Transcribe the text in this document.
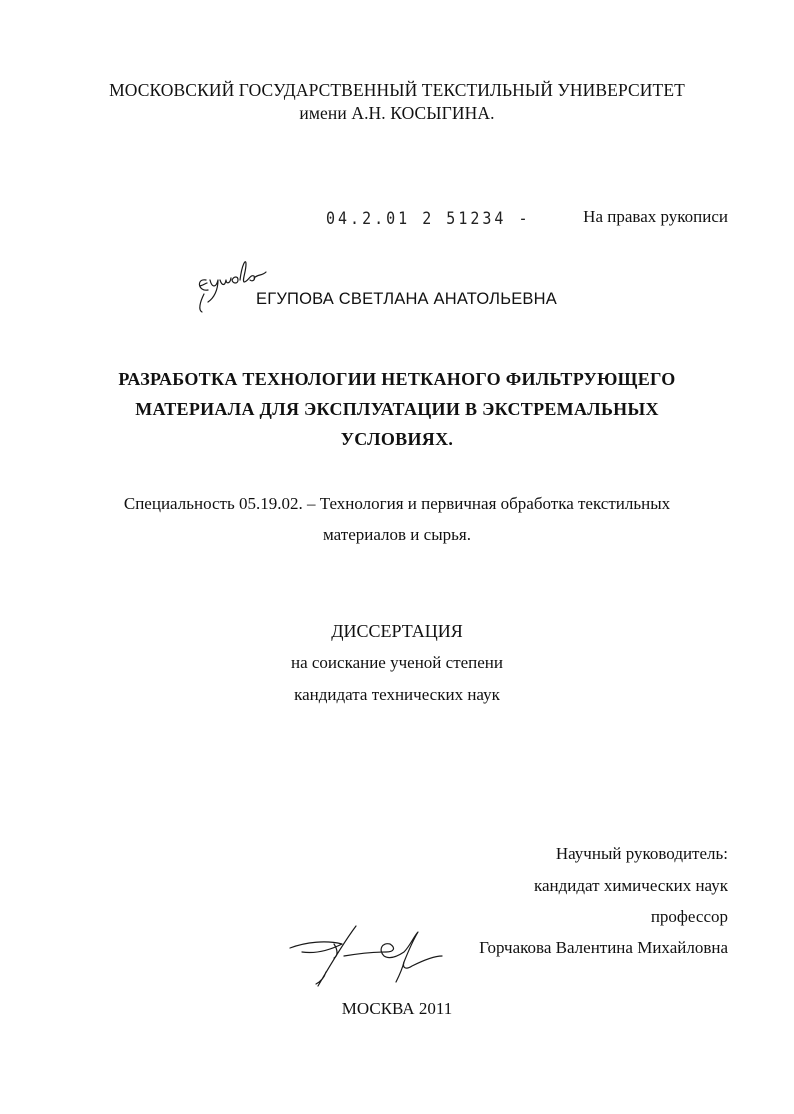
МОСКОВСКИЙ ГОСУДАРСТВЕННЫЙ ТЕКСТИЛЬНЫЙ УНИВЕРСИТЕТ
имени А.Н. КОСЫГИНА.
04.2.01 2 51234 -	На правах рукописи
ЕГУПОВА СВЕТЛАНА АНАТОЛЬЕВНА
РАЗРАБОТКА ТЕХНОЛОГИИ НЕТКАНОГО ФИЛЬТРУЮЩЕГО
МАТЕРИАЛА ДЛЯ ЭКСПЛУАТАЦИИ В ЭКСТРЕМАЛЬНЫХ
УСЛОВИЯХ.
Специальность 05.19.02. – Технология и первичная обработка текстильных
материалов и сырья.
ДИССЕРТАЦИЯ
на соискание ученой степени
кандидата технических наук
Научный руководитель:
кандидат химических наук
профессор
Горчакова Валентина Михайловна
МОСКВА 2011
